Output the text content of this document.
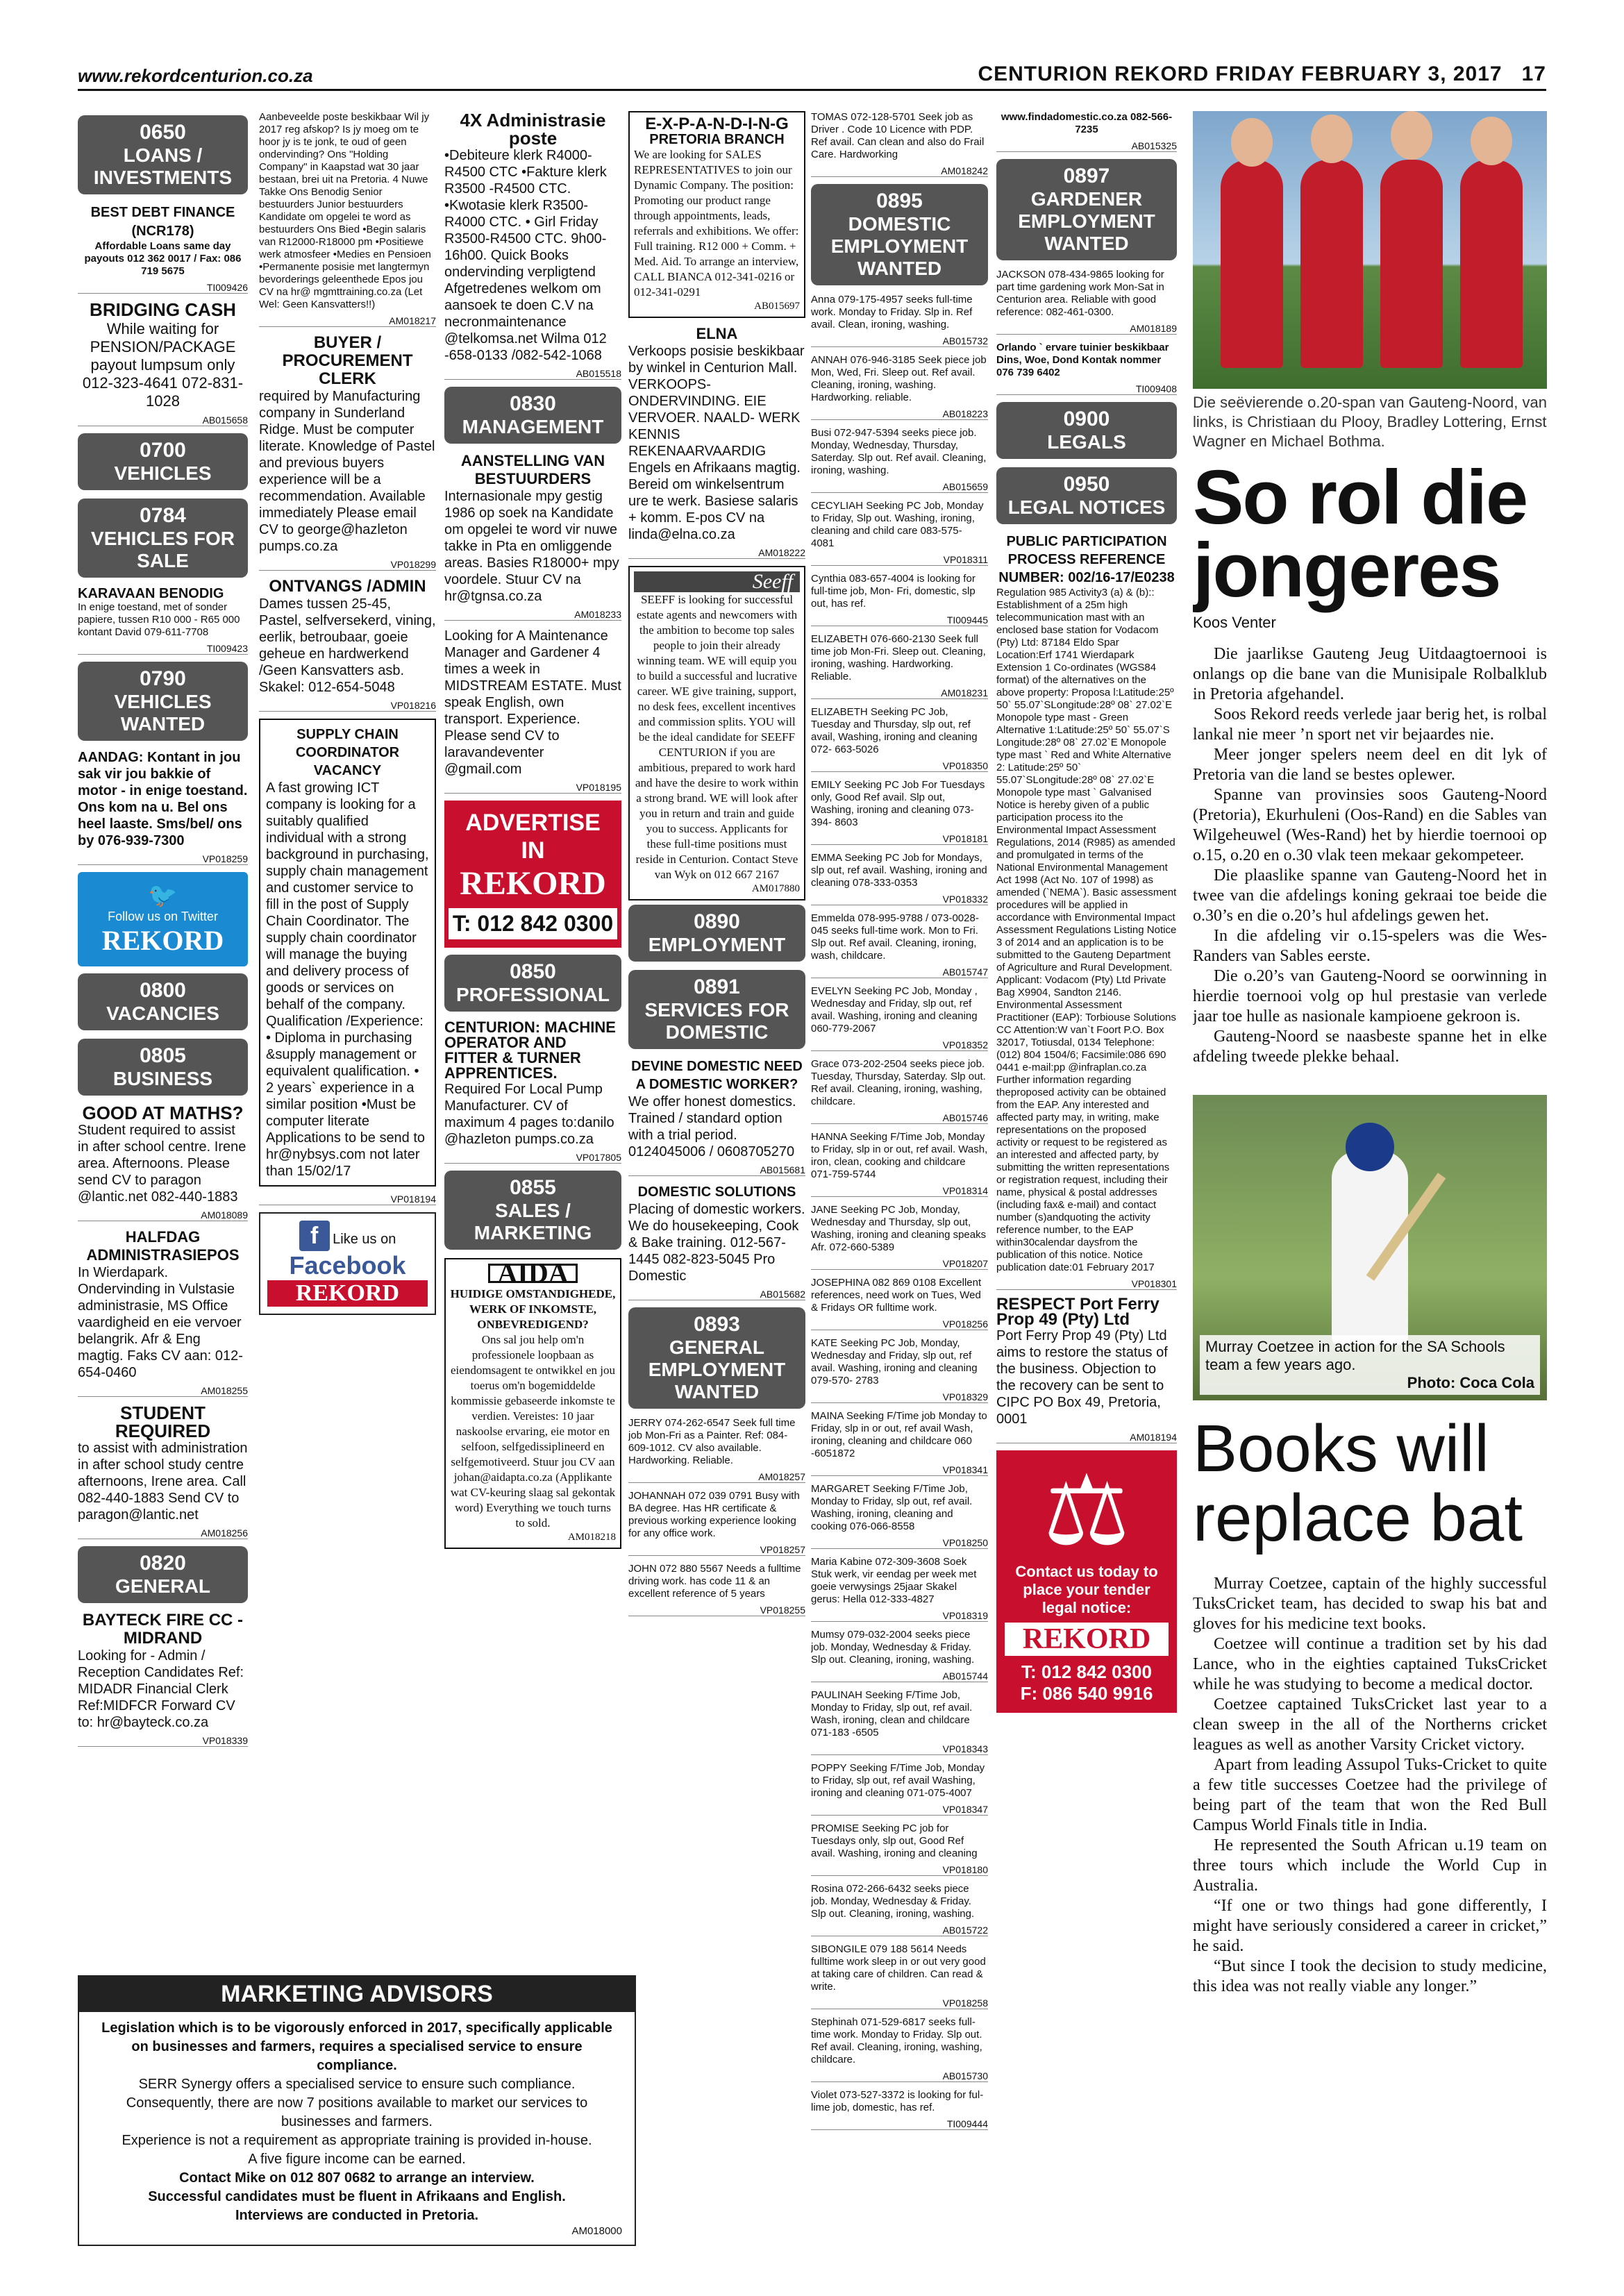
www.rekordcenturion.co.za	CENTURION REKORD FRIDAY FEBRUARY 3, 2017 17
0650
LOANS / INVESTMENTS
BEST DEBT FINANCE (NCR178)
Affordable Loans same day payouts 012 362 0017 / Fax: 086 719 5675
TI009426
BRIDGING CASH
While waiting for PENSION/PACKAGE payout lumpsum only 012-323-4641 072-831-1028
AB015658
0700
VEHICLES
0784
VEHICLES FOR SALE
KARAVAAN BENODIG
In enige toestand, met of sonder papiere, tussen R10 000 - R65 000 kontant David 079-611-7708
TI009423
0790
VEHICLES WANTED
AANDAG: Kontant in jou sak vir jou bakkie of motor - in enige toestand. Ons kom na u. Bel ons heel laaste. Sms/bel/ ons by 076-939-7300
VP018259
🐦
Follow us on Twitter
REKORD
0800
VACANCIES
0805
BUSINESS
GOOD AT MATHS?
Student required to assist in after school centre. Irene area. Afternoons. Please send CV to paragon @lantic.net 082-440-1883
AM018089
HALFDAG ADMINISTRASIEPOS
In Wierdapark. Ondervinding in Vulstasie administrasie, MS Office vaardigheid en eie vervoer belangrik. Afr & Eng magtig. Faks CV aan: 012-654-0460
AM018255
STUDENT REQUIRED
to assist with administration in after school study centre afternoons, Irene area. Call 082-440-1883 Send CV to paragon@lantic.net
AM018256
0820
GENERAL
BAYTECK FIRE CC - MIDRAND
Looking for - Admin / Reception Candidates Ref: MIDADR Financial Clerk Ref:MIDFCR Forward CV to: hr@bayteck.co.za
VP018339
Aanbeveelde poste beskikbaar Wil jy 2017 reg afskop? Is jy moeg om te hoor jy is te jonk, te oud of geen ondervinding? Ons "Holding Company" in Kaapstad wat 30 jaar bestaan, brei uit na Pretoria. 4 Nuwe Takke Ons Benodig Senior bestuurders Junior bestuurders Kandidate om opgelei te word as bestuurders Ons Bied •Begin salaris van R12000-R18000 pm •Positiewe werk atmosfeer •Medies en Pensioen •Permanente posisie met langtermyn bevorderings geleenthede Epos jou CV na hr@ mgmttraining.co.za (Let Wel: Geen Kansvatters!!)
AM018217
BUYER / PROCUREMENT CLERK
required by Manufacturing company in Sunderland Ridge. Must be computer literate. Knowledge of Pastel and previous buyers experience will be a recommendation. Available immediately Please email CV to george@hazleton pumps.co.za
VP018299
ONTVANGS /ADMIN
Dames tussen 25-45, Pastel, selfversekerd, vining, eerlik, betroubaar, goeie geheue en hardwerkend /Geen Kansvatters asb. Skakel: 012-654-5048
VP018216
SUPPLY CHAIN COORDINATOR VACANCY
A fast growing ICT company is looking for a suitably qualified individual with a strong background in purchasing, supply chain management and customer service to fill in the post of Supply Chain Coordinator. The supply chain coordinator will manage the buying and delivery process of goods or services on behalf of the company. Qualification /Experience: • Diploma in purchasing &supply management or equivalent qualification. • 2 years` experience in a similar position •Must be computer literate Applications to be send to hr@nybsys.com not later than 15/02/17
VP018194
f Like us on
Facebook
REKORD
4X Administrasie poste
•Debiteure klerk R4000-R4500 CTC •Fakture klerk R3500 -R4500 CTC. •Kwotasie klerk R3500-R4000 CTC. • Girl Friday R3500-R4500 CTC. 9h00-16h00. Quick Books ondervinding verpligtend Afgetredenes welkom om aansoek te doen C.V na necronmaintenance @telkomsa.net Wilma 012 -658-0133 /082-542-1068
AB015518
0830
MANAGEMENT
AANSTELLING VAN BESTUURDERS
Internasionale mpy gestig 1986 op soek na Kandidate om opgelei te word vir nuwe takke in Pta en omliggende areas. Basies R18000+ mpy voordele. Stuur CV na hr@tgnsa.co.za
AM018233
Looking for A Maintenance Manager and Gardener 4 times a week in MIDSTREAM ESTATE. Must speak English, own transport. Experience. Please send CV to laravandeventer @gmail.com
VP018195
ADVERTISE
IN
REKORD
T: 012 842 0300
0850
PROFESSIONAL
CENTURION: MACHINE OPERATOR AND FITTER & TURNER APPRENTICES.
Required For Local Pump Manufacturer. CV of maximum 4 pages to:danilo @hazleton pumps.co.za
VP017805
0855
SALES / MARKETING
AIDA
HUIDIGE OMSTANDIGHEDE, WERK OF INKOMSTE, ONBEVREDIGEND?
Ons sal jou help om'n professionele loopbaan as eiendomsagent te ontwikkel en jou toerus om'n bogemiddelde kommissie gebaseerde inkomste te verdien. Vereistes: 10 jaar naskoolse ervaring, eie motor en selfoon, selfgedissiplineerd en selfgemotiveerd. Stuur jou CV aan johan@aidapta.co.za (Applikante wat CV-keuring slaag sal gekontak word) Everything we touch turns to sold.
AM018218
E-X-P-A-N-D-I-N-G
PRETORIA BRANCH
We are looking for SALES REPRESENTATIVES to join our Dynamic Company. The position: Promoting our product range through appointments, leads, referrals and exhibitions. We offer: Full training. R12 000 + Comm. + Med. Aid. To arrange an interview, CALL BIANCA 012-341-0216 or 012-341-0291
AB015697
ELNA
Verkoops posisie beskikbaar by winkel in Centurion Mall. VERKOOPS- ONDERVINDING. EIE VERVOER. NAALD- WERK KENNIS REKENAARVAARDIG Engels en Afrikaans magtig. Bereid om winkelsentrum ure te werk. Basiese salaris + komm. E-pos CV na linda@elna.co.za
AM018222
Seeff
SEEFF is looking for successful estate agents and newcomers with the ambition to become top sales people to join their already winning team. WE will equip you to build a successful and lucrative career. WE give training, support, no desk fees, excellent incentives and commission splits. YOU will be the ideal candidate for SEEFF CENTURION if you are ambitious, prepared to work hard and have the desire to work within a strong brand. WE will look after you in return and train and guide you to success. Applicants for these full-time positions must reside in Centurion. Contact Steve van Wyk on 012 667 2167
AM017880
0890
EMPLOYMENT
0891
SERVICES FOR DOMESTIC
DEVINE DOMESTIC NEED A DOMESTIC WORKER?
We offer honest domestics. Trained / standard option with a trial period. 0124045006 / 0608705270
AB015681
DOMESTIC SOLUTIONS
Placing of domestic workers. We do housekeeping, Cook & Bake training. 012-567-1445 082-823-5045 Pro Domestic
AB015682
0893
GENERAL EMPLOYMENT WANTED
JERRY 074-262-6547 Seek full time job Mon-Fri as a Painter. Ref: 084-609-1012. CV also available. Hardworking. Reliable.
AM018257
JOHANNAH 072 039 0791 Busy with BA degree. Has HR certificate & previous working experience looking for any office work.
VP018257
JOHN 072 880 5567 Needs a fulltime driving work. has code 11 & an excellent reference of 5 years
VP018255
TOMAS 072-128-5701 Seek job as Driver . Code 10 Licence with PDP. Ref avail. Can clean and also do Frail Care. Hardworking
AM018242
0895
DOMESTIC EMPLOYMENT WANTED
Anna 079-175-4957 seeks full-time work. Monday to Friday. Slp in. Ref avail. Clean, ironing, washing.
AB015732
ANNAH 076-946-3185 Seek piece job Mon, Wed, Fri. Sleep out. Ref avail. Cleaning, ironing, washing. Hardworking. reliable.
AB018223
Busi 072-947-5394 seeks piece job. Monday, Wednesday, Thursday, Saterday. Slp out. Ref avail. Cleaning, ironing, washing.
AB015659
CECYLIAH Seeking PC Job, Monday to Friday, Slp out. Washing, ironing, cleaning and child care 083-575- 4081
VP018311
Cynthia 083-657-4004 is looking for full-time job, Mon- Fri, domestic, slp out, has ref.
TI009445
ELIZABETH 076-660-2130 Seek full time job Mon-Fri. Sleep out. Cleaning, ironing, washing. Hardworking. Reliable.
AM018231
ELIZABETH Seeking PC Job, Tuesday and Thursday, slp out, ref avail, Washing, ironing and cleaning 072- 663-5026
VP018350
EMILY Seeking PC Job For Tuesdays only, Good Ref avail. Slp out, Washing, ironing and cleaning 073-394- 8603
VP018181
EMMA Seeking PC Job for Mondays, slp out, ref avail. Washing, ironing and cleaning 078-333-0353
VP018332
Emmelda 078-995-9788 / 073-0028-045 seeks full-time work. Mon to Fri. Slp out. Ref avail. Cleaning, ironing, wash, childcare.
AB015747
EVELYN Seeking PC Job, Monday , Wednesday and Friday, slp out, ref avail. Washing, ironing and cleaning 060-779-2067
VP018352
Grace 073-202-2504 seeks piece job. Tuesday, Thursday, Saterday. Slp out. Ref avail. Cleaning, ironing, washing, childcare.
AB015746
HANNA Seeking F/Time Job, Monday to Friday, slp in or out, ref avail. Wash, iron, clean, cooking and childcare 071-759-5744
VP018314
JANE Seeking PC Job, Monday, Wednesday and Thursday, slp out, Washing, ironing and cleaning speaks Afr. 072-660-5389
VP018207
JOSEPHINA 082 869 0108 Excellent references, need work on Tues, Wed & Fridays OR fulltime work.
VP018256
KATE Seeking PC Job, Monday, Wednesday and Friday, slp out, ref avail. Washing, ironing and cleaning 079-570- 2783
VP018329
MAINA Seeking F/Time job Monday to Friday, slp in or out, ref avail Wash, ironing, cleaning and childcare 060 -6051872
VP018341
MARGARET Seeking F/Time Job, Monday to Friday, slp out, ref avail. Washing, ironing, cleaning and cooking 076-066-8558
VP018250
Maria Kabine 072-309-3608 Soek Stuk werk, vir eendag per week met goeie verwysings 25jaar Skakel gerus: Hella 012-333-4827
VP018319
Mumsy 079-032-2004 seeks piece job. Monday, Wednesday & Friday. Slp out. Cleaning, ironing, washing.
AB015744
PAULINAH Seeking F/Time Job, Monday to Friday, slp out, ref avail. Wash, ironing, clean and childcare 071-183 -6505
VP018343
POPPY Seeking F/Time Job, Monday to Friday, slp out, ref avail Washing, ironing and cleaning 071-075-4007
VP018347
PROMISE Seeking PC job for Tuesdays only, slp out, Good Ref avail. Washing, ironing and cleaning
VP018180
Rosina 072-266-6432 seeks piece job. Monday, Wednesday & Friday. Slp out. Cleaning, ironing, washing.
AB015722
SIBONGILE 079 188 5614 Needs fulltime work sleep in or out very good at taking care of children. Can read & write.
VP018258
Stephinah 071-529-6817 seeks full-time work. Monday to Friday. Slp out. Ref avail. Cleaning, ironing, washing, childcare.
AB015730
Violet 073-527-3372 is looking for ful-lime job, domestic, has ref.
TI009444
www.findadomestic.co.za 082-566-7235
AB015325
0897
GARDENER EMPLOYMENT WANTED
JACKSON 078-434-9865 looking for part time gardening work Mon-Sat in Centurion area. Reliable with good reference: 082-461-0300.
AM018189
Orlando ` ervare tuinier beskikbaar Dins, Woe, Dond Kontak nommer 076 739 6402
TI009408
0900
LEGALS
0950
LEGAL NOTICES
PUBLIC PARTICIPATION PROCESS REFERENCE NUMBER: 002/16-17/E0238
Regulation 985 Activity3 (a) & (b):: Establishment of a 25m high telecommunication mast with an enclosed base station for Vodacom (Pty) Ltd: 87184 Eldo Spar Location:Erf 1741 Wierdapark Extension 1 Co-ordinates (WGS84 format) of the alternatives on the above property: Proposa l:Latitude:25º 50` 55.07`SLongitude:28º 08` 27.02`E Monopole type mast - Green Alternative 1:Latitude:25º 50` 55.07`S Longitude:28º 08` 27.02`E Monopole type mast ` Red and White Alternative 2: Latitude:25º 50` 55.07`SLongitude:28º 08` 27.02`E Monopole type mast ` Galvanised Notice is hereby given of a public participation process ito the Environmental Impact Assessment Regulations, 2014 (R985) as amended and promulgated in terms of the National Environmental Management Act 1998 (Act No. 107 of 1998) as amended (`NEMA`). Basic assessment procedures will be applied in accordance with Environmental Impact Assessment Regulations Listing Notice 3 of 2014 and an application is to be submitted to the Gauteng Department of Agriculture and Rural Development. Applicant: Vodacom (Pty) Ltd Private Bag X9904, Sandton 2146. Environmental Assessment Practitioner (EAP): Torbiouse Solutions CC Attention:W van`t Foort P.O. Box 32017, Totiusdal, 0134 Telephone:(012) 804 1504/6; Facsimile:086 690 0441 e-mail:pp @infraplan.co.za Further information regarding theproposed activity can be obtained from the EAP. Any interested and affected party may, in writing, make representations on the proposed activity or request to be registered as an interested and affected party, by submitting the written representations or registration request, including their name, physical & postal addresses (including fax& e-mail) and contact number (s)andquoting the activity reference number, to the EAP within30calendar daysfrom the publication of this notice. Notice publication date:01 February 2017
VP018301
RESPECT Port Ferry Prop 49 (Pty) Ltd
Port Ferry Prop 49 (Pty) Ltd aims to restore the status of the business. Objection to the recovery can be sent to CIPC PO Box 49, Pretoria, 0001
AM018194
⚖
Contact us today to place your tender legal notice:
REKORD
T: 012 842 0300
F: 086 540 9916
Die seëvierende o.20-span van Gauteng-Noord, van links, is Christiaan du Plooy, Bradley Lottering, Ernst Wagner en Michael Bothma.
So rol die jongeres
Koos Venter

Die jaarlikse Gauteng Jeug Uitdaagtoernooi is onlangs op die bane van die Munisipale Rolbalklub in Pretoria afgehandel.

Soos Rekord reeds verlede jaar berig het, is rolbal lankal nie meer ’n sport net vir bejaardes nie.

Meer jonger spelers neem deel en dit lyk of Pretoria van die land se bestes oplewer.

Spanne van provinsies soos Gauteng-Noord (Pretoria), Ekurhuleni (Oos-Rand) en die Sables van Wilgeheuwel (Wes-Rand) het by hierdie toernooi op o.15, o.20 en o.30 vlak teen mekaar gekompeteer.

Die plaaslike spanne van Gauteng-Noord het in twee van die afdelings koning gekraai toe beide die o.30’s en die o.20’s hul afdelings gewen het.

In die afdeling vir o.15-spelers was die Wes-Randers van Sables eerste.

Die o.20’s van Gauteng-Noord se oorwinning in hierdie toernooi volg op hul prestasie van verlede jaar toe hulle as nasionale kampioene gekroon is.

Gauteng-Noord se naasbeste spanne het in elke afdeling tweede plekke behaal.

Murray Coetzee in action for the SA Schools team a few years ago.
Photo: Coca Cola
Books will replace bat

Murray Coetzee, captain of the highly successful TuksCricket team, has decided to swap his bat and gloves for his medicine text books.

Coetzee will continue a tradition set by his dad Lance, who in the eighties captained TuksCricket while he was studying to become a medical doctor.

Coetzee captained TuksCricket last year to a clean sweep in the all of the Northerns cricket leagues as well as another Varsity Cricket victory.

Apart from leading Assupol Tuks-Cricket to quite a few title successes Coetzee had the privilege of being part of the team that won the Red Bull Campus World Finals title in India.

He represented the South African u.19 team on three tours which include the World Cup in Australia.

“If one or two things had gone differently, I might have seriously considered a career in cricket,” he said.

“But since I took the decision to study medicine, this idea was not really viable any longer.”

MARKETING ADVISORS
Legislation which is to be vigorously enforced in 2017, specifically applicable on businesses and farmers, requires a specialised service to ensure compliance.
SERR Synergy offers a specialised service to ensure such compliance.
Consequently, there are now 7 positions available to market our services to businesses and farmers.
Experience is not a requirement as appropriate training is provided in-house.
A five figure income can be earned.
Contact Mike on 012 807 0682 to arrange an interview.
Successful candidates must be fluent in Afrikaans and English.
Interviews are conducted in Pretoria.
AM018000
